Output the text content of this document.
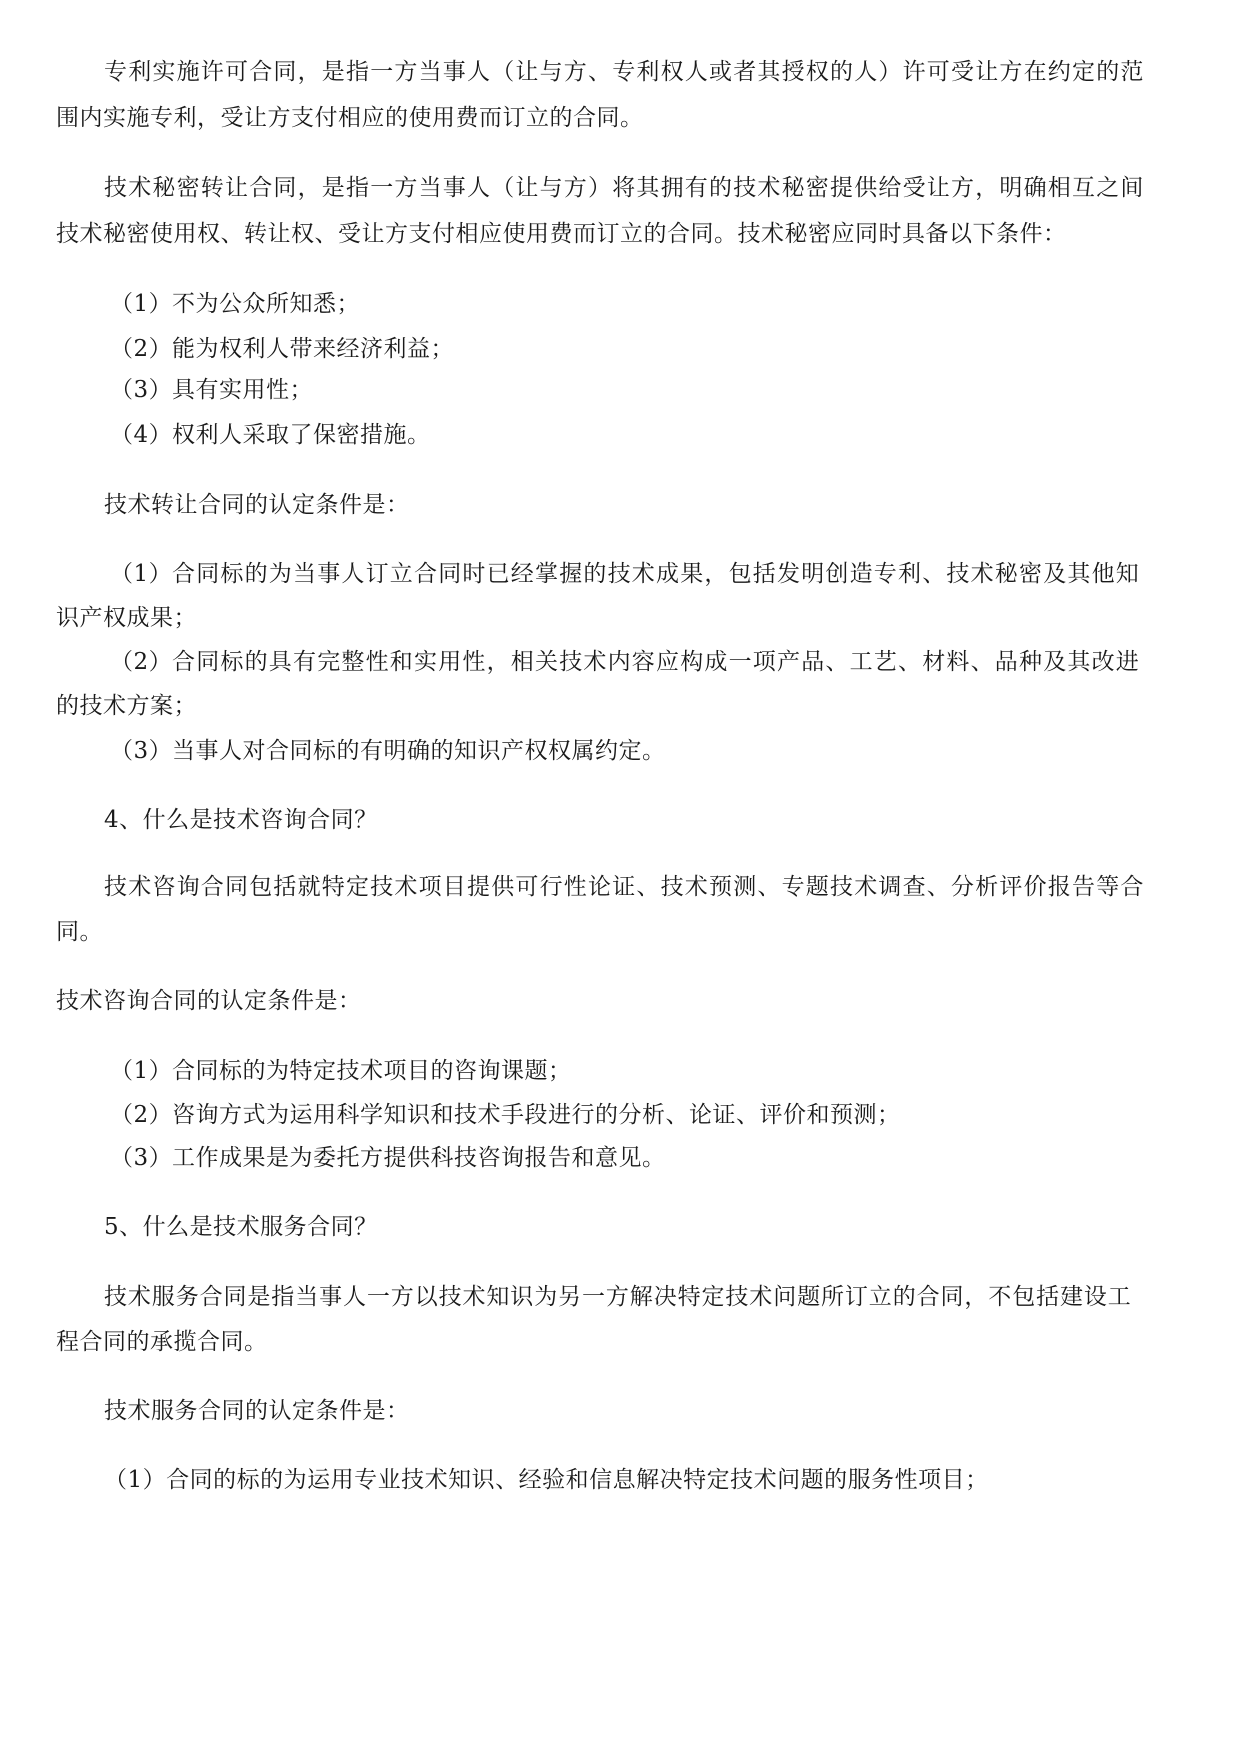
专利实施许可合同，是指一方当事人（让与方、专利权人或者其授权的人）许可受让方在约定的范
围内实施专利，受让方支付相应的使用费而订立的合同。
技术秘密转让合同，是指一方当事人（让与方）将其拥有的技术秘密提供给受让方，明确相互之间
技术秘密使用权、转让权、受让方支付相应使用费而订立的合同。技术秘密应同时具备以下条件：
（1） 不为公众所知悉；
（2） 能为权利人带来经济利益；
（3） 具有实用性；
（4） 权利人采取了保密措施。
技术转让合同的认定条件是：
（1） 合同标的为当事人订立合同时已经掌握的技术成果，包括发明创造专利、技术秘密及其他知
识产权成果；
（2） 合同标的具有完整性和实用性，相关技术内容应构成一项产品、工艺、材料、品种及其改进
的技术方案；
（3） 当事人对合同标的有明确的知识产权权属约定。
4、什么是技术咨询合同？
技术咨询合同包括就特定技术项目提供可行性论证、技术预测、专题技术调查、分析评价报告等合
同。
技术咨询合同的认定条件是：
（1） 合同标的为特定技术项目的咨询课题；
（2） 咨询方式为运用科学知识和技术手段进行的分析、论证、评价和预测；
（3） 工作成果是为委托方提供科技咨询报告和意见。
5、什么是技术服务合同？
技术服务合同是指当事人一方以技术知识为另一方解决特定技术问题所订立的合同，不包括建设工
程合同的承揽合同。
技术服务合同的认定条件是：
（1）合同的标的为运用专业技术知识、经验和信息解决特定技术问题的服务性项目；
